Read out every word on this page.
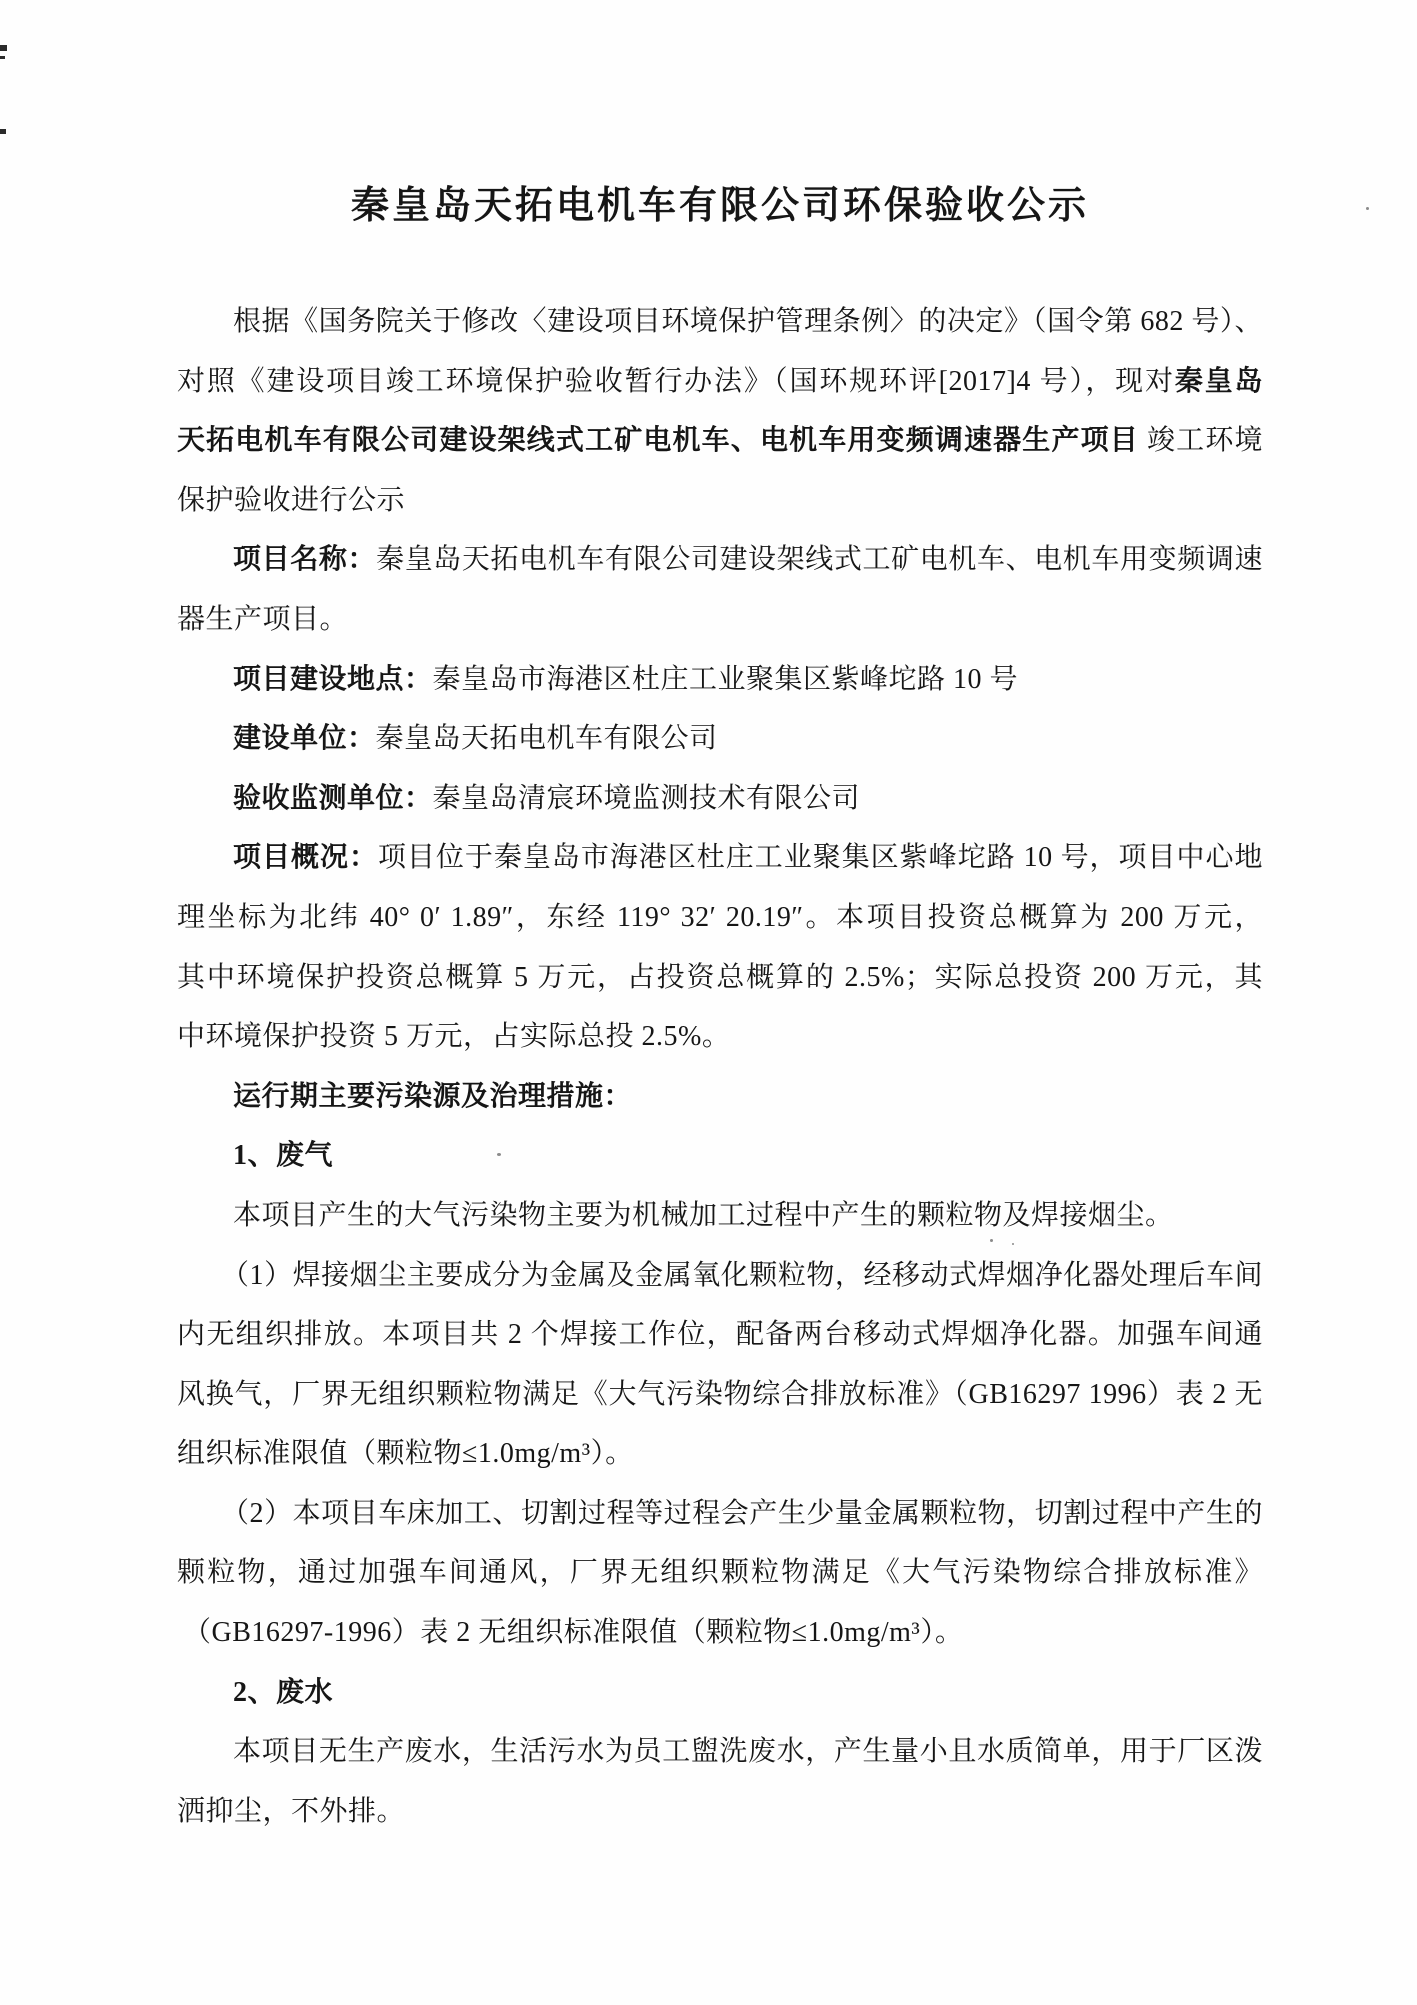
秦皇岛天拓电机车有限公司环保验收公示
根据《国务院关于修改〈建设项目环境保护管理条例〉的决定》（国令第 682 号）、
对照《建设项目竣工环境保护验收暂行办法》（国环规环评[2017]4 号），现对秦皇岛
天拓电机车有限公司建设架线式工矿电机车、电机车用变频调速器生产项目 竣工环境
保护验收进行公示
项目名称：秦皇岛天拓电机车有限公司建设架线式工矿电机车、电机车用变频调速
器生产项目。
项目建设地点：秦皇岛市海港区杜庄工业聚集区紫峰坨路 10 号
建设单位：秦皇岛天拓电机车有限公司
验收监测单位：秦皇岛清宸环境监测技术有限公司
项目概况：项目位于秦皇岛市海港区杜庄工业聚集区紫峰坨路 10 号，项目中心地
理坐标为北纬 40° 0′ 1.89″，东经 119° 32′ 20.19″。本项目投资总概算为 200 万元，
其中环境保护投资总概算 5 万元，占投资总概算的 2.5%；实际总投资 200 万元，其
中环境保护投资 5 万元，占实际总投 2.5%。
运行期主要污染源及治理措施：
1、废气
本项目产生的大气污染物主要为机械加工过程中产生的颗粒物及焊接烟尘。
（1）焊接烟尘主要成分为金属及金属氧化颗粒物，经移动式焊烟净化器处理后车间
内无组织排放。本项目共 2 个焊接工作位，配备两台移动式焊烟净化器。加强车间通
风换气，厂界无组织颗粒物满足《大气污染物综合排放标准》（GB16297 1996）表 2 无
组织标准限值（颗粒物≤1.0mg/m³）。
（2）本项目车床加工、切割过程等过程会产生少量金属颗粒物，切割过程中产生的
颗粒物，通过加强车间通风，厂界无组织颗粒物满足《大气污染物综合排放标准》
（GB16297-1996）表 2 无组织标准限值（颗粒物≤1.0mg/m³）。
2、废水
本项目无生产废水，生活污水为员工盥洗废水，产生量小且水质简单，用于厂区泼
洒抑尘，不外排。
